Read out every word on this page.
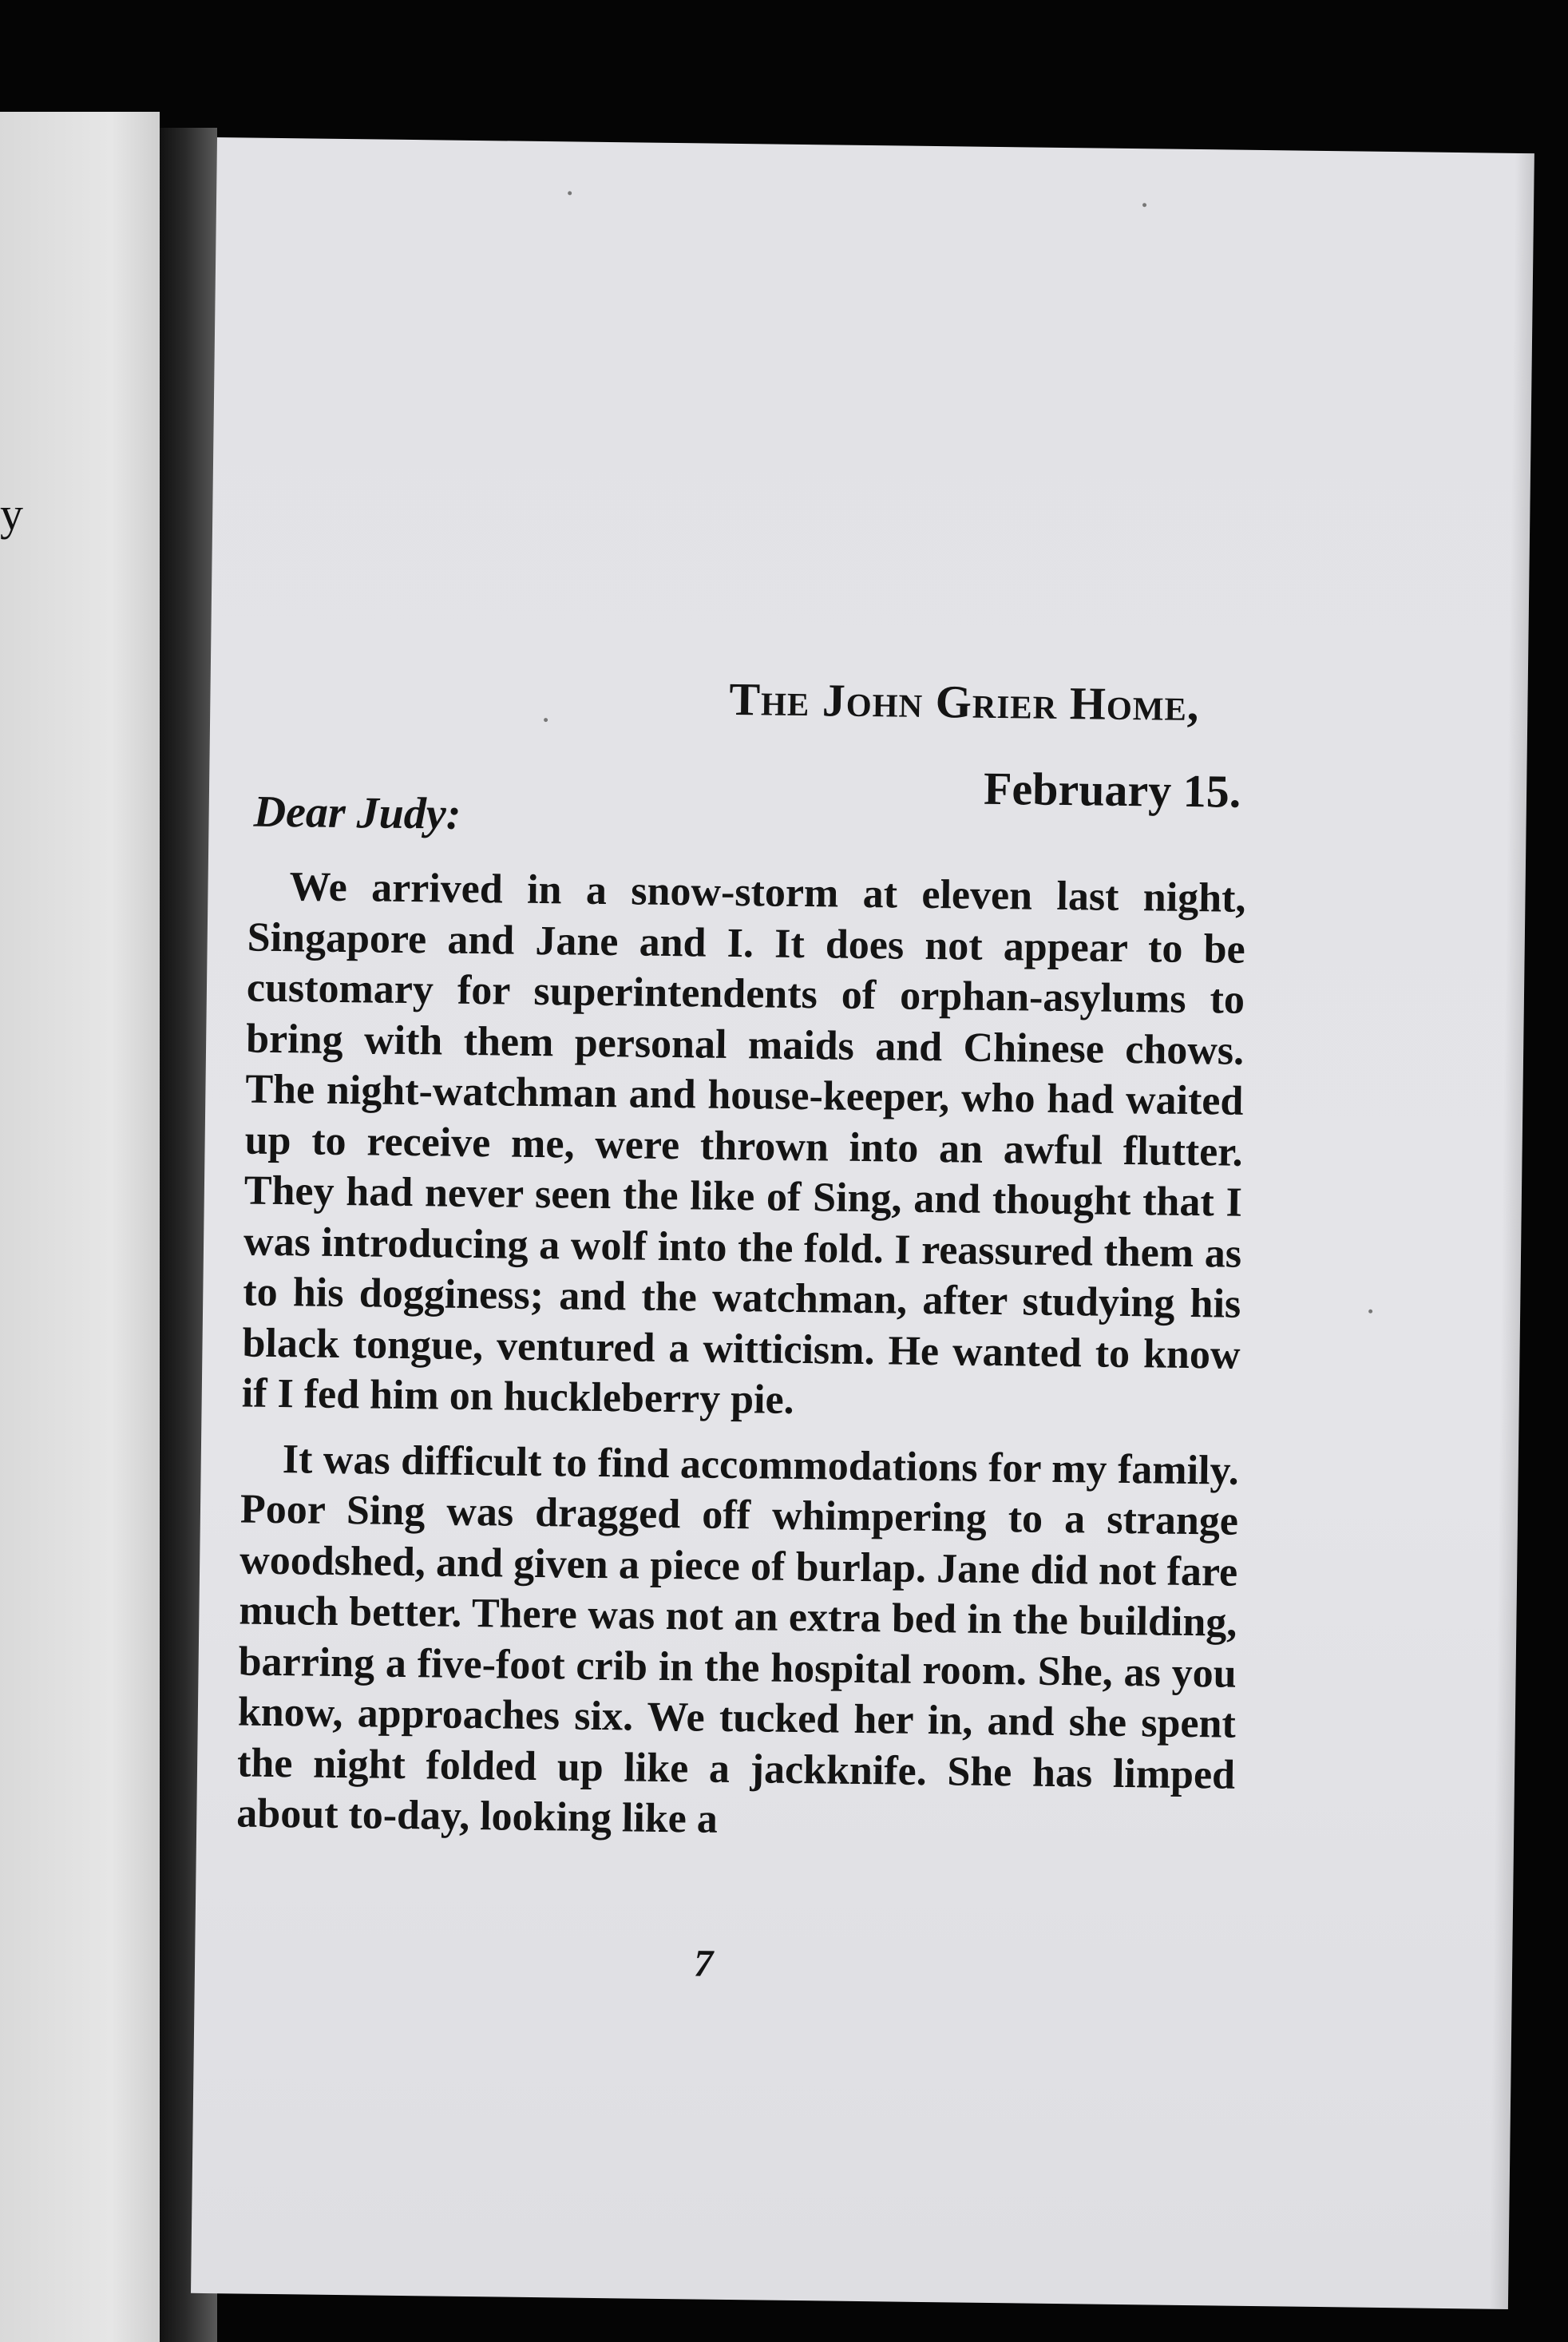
y
The John Grier Home,
February 15.
Dear Judy:

We arrived in a snow-storm at eleven last night, Singapore and Jane and I. It does not appear to be customary for superintendents of orphan-asylums to bring with them personal maids and Chinese chows. The night-watchman and house-keeper, who had waited up to receive me, were thrown into an awful flutter. They had never seen the like of Sing, and thought that I was introducing a wolf into the fold. I reassured them as to his dogginess; and the watchman, after studying his black tongue, ventured a witticism. He wanted to know if I fed him on huckleberry pie.

It was difficult to find accommodations for my family. Poor Sing was dragged off whimpering to a strange woodshed, and given a piece of burlap. Jane did not fare much better. There was not an extra bed in the building, barring a five-foot crib in the hospital room. She, as you know, approaches six. We tucked her in, and she spent the night folded up like a jackknife. She has limped about to-day, looking like a

7
